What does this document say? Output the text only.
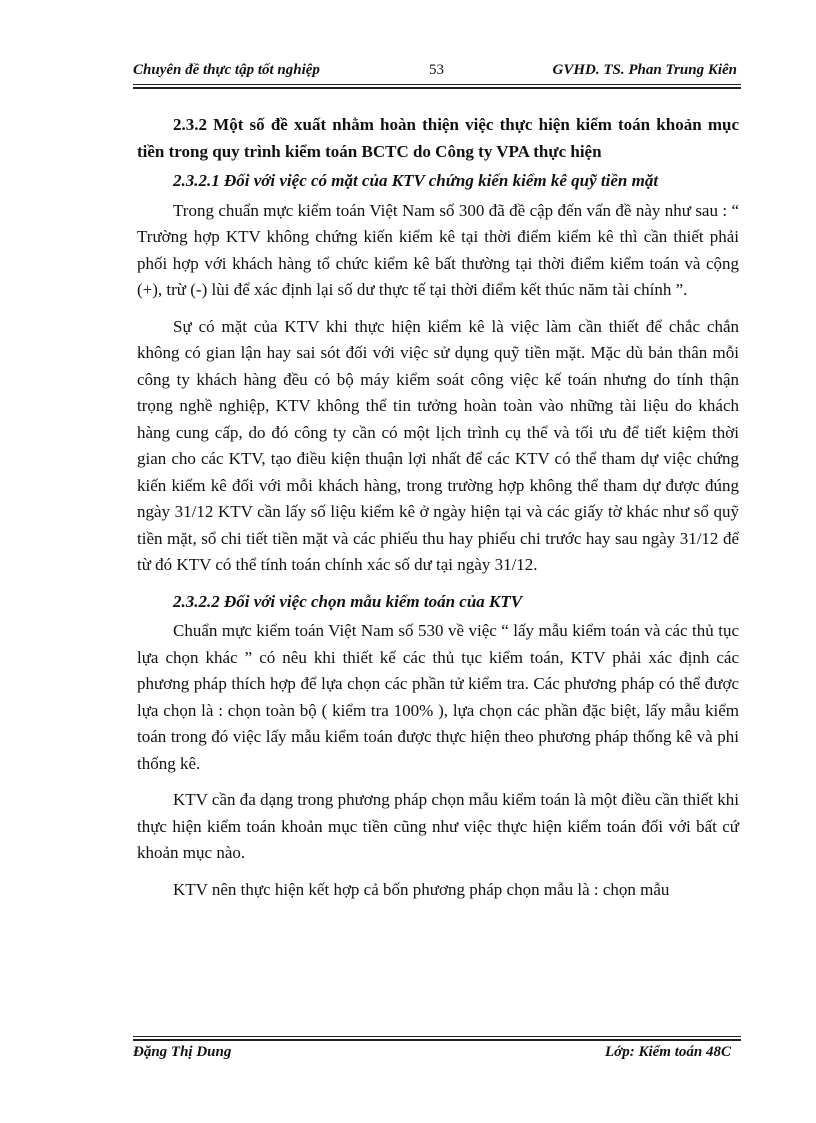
Chuyên đề thực tập tốt nghiệp	53	GVHD. TS. Phan Trung Kiên

2.3.2 Một số đề xuất nhằm hoàn thiện việc thực hiện kiểm toán khoản mục tiền trong quy trình kiểm toán BCTC do Công ty VPA thực hiện

2.3.2.1 Đối với việc có mặt của KTV chứng kiến kiểm kê quỹ tiền mặt

Trong chuẩn mực kiểm toán Việt Nam số 300 đã đề cập đến vấn đề này như sau : “ Trường hợp KTV không chứng kiến kiểm kê tại thời điểm kiểm kê thì cần thiết phải phối hợp với khách hàng tổ chức kiểm kê bất thường tại thời điểm kiểm toán và cộng (+), trừ (-) lùi để xác định lại số dư thực tế tại thời điểm kết thúc năm tài chính ”.

Sự có mặt của KTV khi thực hiện kiểm kê là việc làm cần thiết để chắc chắn không có gian lận hay sai sót đối với việc sử dụng quỹ tiền mặt. Mặc dù bản thân mỗi công ty khách hàng đều có bộ máy kiểm soát công việc kế toán nhưng do tính thận trọng nghề nghiệp, KTV không thể tin tưởng hoàn toàn vào những tài liệu do khách hàng cung cấp, do đó công ty cần có một lịch trình cụ thể và tối ưu để tiết kiệm thời gian cho các KTV, tạo điều kiện thuận lợi nhất để các KTV có thể tham dự việc chứng kiến kiểm kê đối với mỗi khách hàng, trong trường hợp không thể tham dự được đúng ngày 31/12 KTV cần lấy số liệu kiểm kê ở ngày hiện tại và các giấy tờ khác như sổ quỹ tiền mặt, sổ chi tiết tiền mặt và các phiếu thu hay phiếu chi trước hay sau ngày 31/12 để từ đó KTV có thể tính toán chính xác số dư tại ngày 31/12.

2.3.2.2 Đối với việc chọn mẫu kiểm toán của KTV

Chuẩn mực kiểm toán Việt Nam số 530 về việc “ lấy mẫu kiểm toán và các thủ tục lựa chọn khác ” có nêu khi thiết kế các thủ tục kiểm toán, KTV phải xác định các phương pháp thích hợp để lựa chọn các phần tử kiểm tra. Các phương pháp có thể được lựa chọn là : chọn toàn bộ ( kiểm tra 100% ), lựa chọn các phần đặc biệt, lấy mẫu kiểm toán trong đó việc lấy mẫu kiểm toán được thực hiện theo phương pháp thống kê và phi thống kê.

KTV cần đa dạng trong phương pháp chọn mẫu kiểm toán là một điều cần thiết khi thực hiện kiểm toán khoản mục tiền cũng như việc thực hiện kiểm toán đối với bất cứ khoản mục nào.

KTV nên thực hiện kết hợp cả bốn phương pháp chọn mẫu là : chọn mẫu

Đặng Thị Dung	Lớp: Kiểm toán 48C
